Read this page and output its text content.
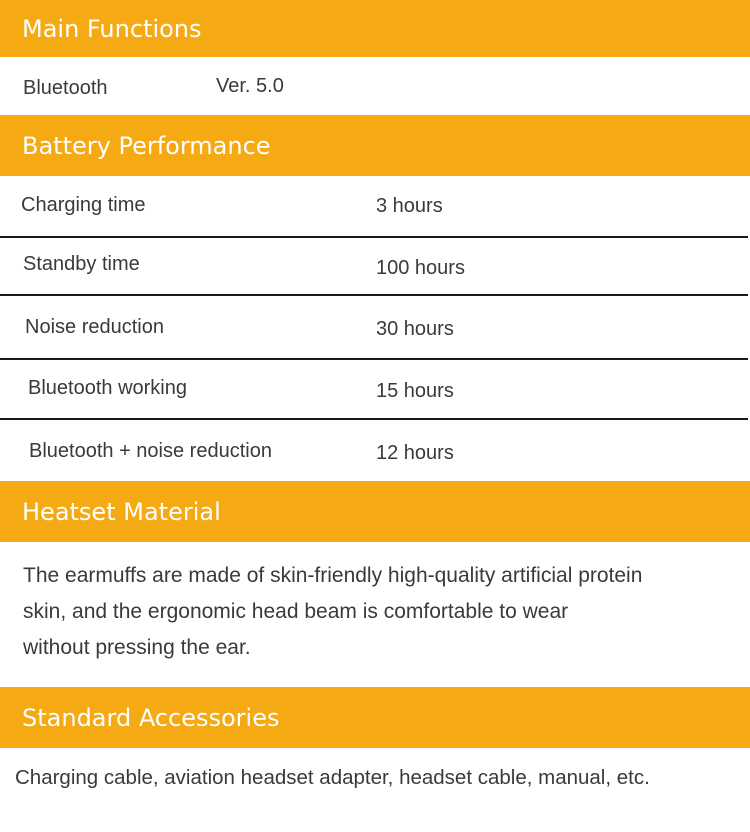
Main Functions
Bluetooth	Ver. 5.0
Battery Performance
Charging time	3 hours
Standby time	100 hours
Noise reduction	30 hours
Bluetooth working	15 hours
Bluetooth + noise reduction	12 hours
Heatset Material
The earmuffs are made of skin-friendly high-quality artificial protein
skin, and the ergonomic head beam is comfortable to wear
without pressing the ear.
Standard Accessories
Charging cable, aviation headset adapter, headset cable, manual, etc.
